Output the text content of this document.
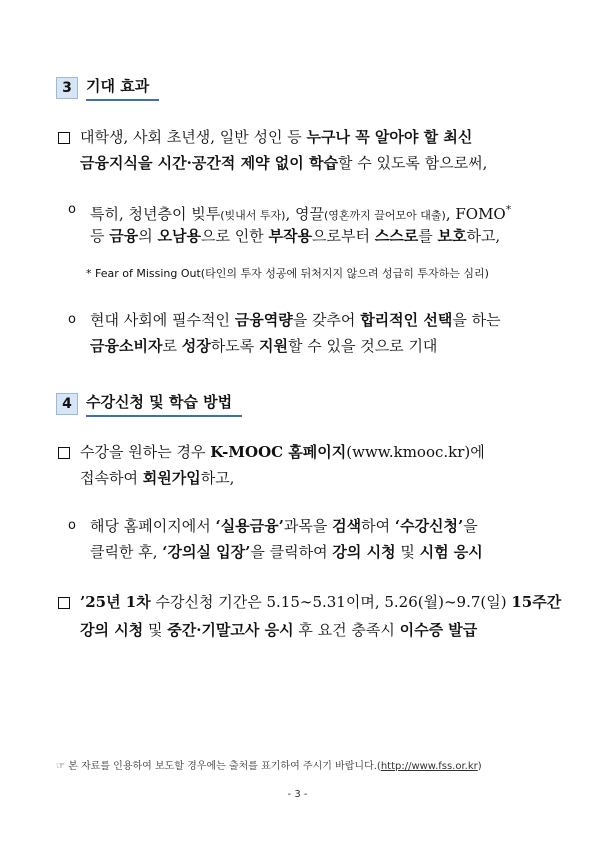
3 기대 효과
대학생, 사회 초년생, 일반 성인 등 누구나 꼭 알아야 할 최신
금융지식을 시간·공간적 제약 없이 학습할 수 있도록 함으로써,
o 특히, 청년층이 빚투(빚내서 투자), 영끌(영혼까지 끌어모아 대출), FOMO*
등 금융의 오남용으로 인한 부작용으로부터 스스로를 보호하고,
* Fear of Missing Out(타인의 투자 성공에 뒤처지지 않으려 성급히 투자하는 심리)
o 현대 사회에 필수적인 금융역량을 갖추어 합리적인 선택을 하는
금융소비자로 성장하도록 지원할 수 있을 것으로 기대
4 수강신청 및 학습 방법
수강을 원하는 경우 K-MOOC 홈페이지(www.kmooc.kr)에
접속하여 회원가입하고,
o 해당 홈페이지에서 ‘실용금융’과목을 검색하여 ‘수강신청’을
클릭한 후, ‘강의실 입장’을 클릭하여 강의 시청 및 시험 응시
’25년 1차 수강신청 기간은 5.15∼5.31이며, 5.26(월)~9.7(일) 15주간
강의 시청 및 중간·기말고사 응시 후 요건 충족시 이수증 발급
☞ 본 자료를 인용하여 보도할 경우에는 출처를 표기하여 주시기 바랍니다.(http://www.fss.or.kr)
- 3 -
